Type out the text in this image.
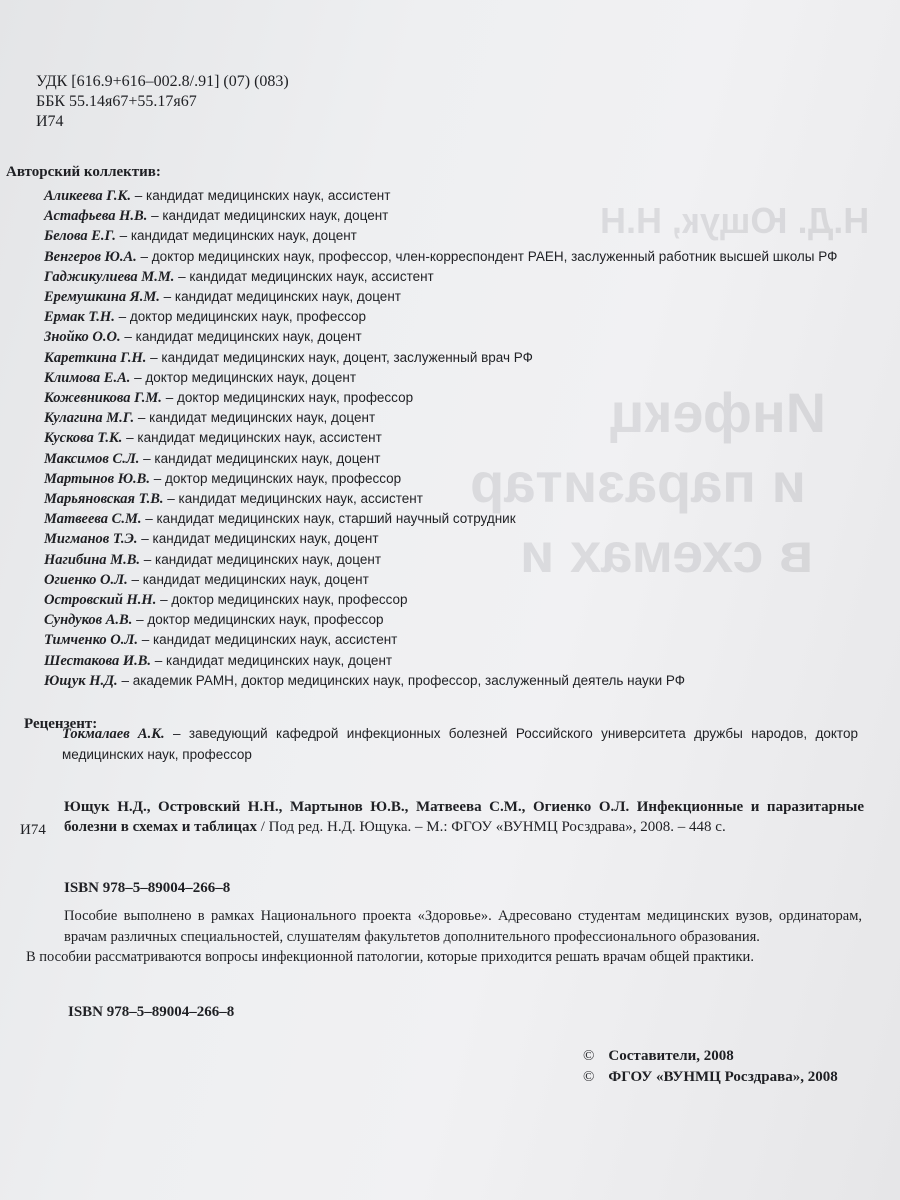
Н.Д. Ющук, Н.Н
Инфекц
и паразитар
в схемах и
УДК [616.9+616–002.8/.91] (07) (083)
ББК 55.14я67+55.17я67
И74
Авторский коллектив:
Аликеева Г.К. – кандидат медицинских наук, ассистент
Астафьева Н.В. – кандидат медицинских наук, доцент
Белова Е.Г. – кандидат медицинских наук, доцент
Венгеров Ю.А. – доктор медицинских наук, профессор, член-корреспондент РАЕН, заслуженный работник высшей школы РФ
Гаджикулиева М.М. – кандидат медицинских наук, ассистент
Еремушкина Я.М. – кандидат медицинских наук, доцент
Ермак Т.Н. – доктор медицинских наук, профессор
Знойко О.О. – кандидат медицинских наук, доцент
Кареткина Г.Н. – кандидат медицинских наук, доцент, заслуженный врач РФ
Климова Е.А. – доктор медицинских наук, доцент
Кожевникова Г.М. – доктор медицинских наук, профессор
Кулагина М.Г. – кандидат медицинских наук, доцент
Кускова Т.К. – кандидат медицинских наук, ассистент
Максимов С.Л. – кандидат медицинских наук, доцент
Мартынов Ю.В. – доктор медицинских наук, профессор
Марьяновская Т.В. – кандидат медицинских наук, ассистент
Матвеева С.М. – кандидат медицинских наук, старший научный сотрудник
Мигманов Т.Э. – кандидат медицинских наук, доцент
Нагибина М.В. – кандидат медицинских наук, доцент
Огиенко О.Л. – кандидат медицинских наук, доцент
Островский Н.Н. – доктор медицинских наук, профессор
Сундуков А.В. – доктор медицинских наук, профессор
Тимченко О.Л. – кандидат медицинских наук, ассистент
Шестакова И.В. – кандидат медицинских наук, доцент
Ющук Н.Д. – академик РАМН, доктор медицинских наук, профессор, заслуженный деятель науки РФ
Рецензент:
Токмалаев А.К. – заведующий кафедрой инфекционных болезней Российского университета дружбы народов, доктор медицинских наук, профессор
И74
Ющук Н.Д., Островский Н.Н., Мартынов Ю.В., Матвеева С.М., Огиенко О.Л. Инфекционные и паразитарные болезни в схемах и таблицах / Под ред. Н.Д. Ющука. – М.: ФГОУ «ВУНМЦ Росздрава», 2008. – 448 с.
ISBN 978–5–89004–266–8
Пособие выполнено в рамках Национального проекта «Здоровье». Адресовано студентам медицинских вузов, ординаторам, врачам различных специальностей, слушателям факультетов дополнительного профессионального образования.
В пособии рассматриваются вопросы инфекционной патологии, которые приходится решать врачам общей практики.
ISBN 978–5–89004–266–8
© Составители, 2008
© ФГОУ «ВУНМЦ Росздрава», 2008
